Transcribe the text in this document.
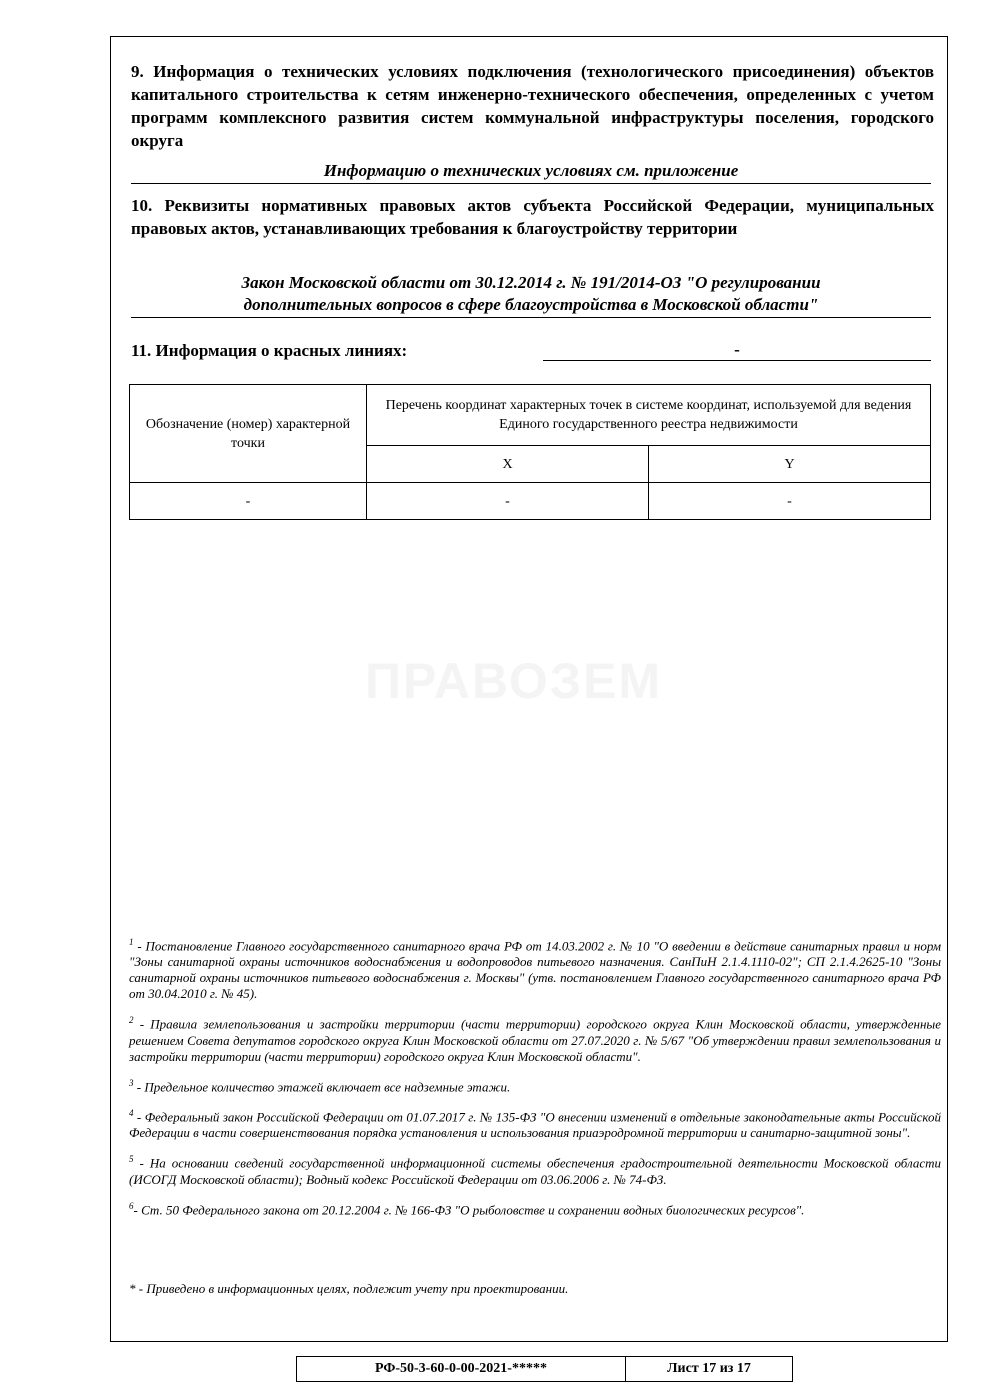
9. Информация о технических условиях подключения (технологического присоединения) объектов капитального строительства к сетям инженерно-технического обеспечения, определенных с учетом программ комплексного развития систем коммунальной инфраструктуры поселения, городского округа
Информацию о технических условиях см. приложение
10. Реквизиты нормативных правовых актов субъекта Российской Федерации, муниципальных правовых актов, устанавливающих требования к благоустройству территории
Закон Московской области от 30.12.2014 г. № 191/2014-ОЗ "О регулировании
дополнительных вопросов в сфере благоустройства в Московской области"
11. Информация о красных линиях:	-
Обозначение (номер) характерной точки	Перечень координат характерных точек в системе координат, используемой для ведения Единого государственного реестра недвижимости	
	X	Y
-	-	-
ПРАВОЗЕМ

$^1$ - Постановление Главного государственного санитарного врача РФ от 14.03.2002 г. № 10 "О введении в действие санитарных правил и норм "Зоны санитарной охраны источников водоснабжения и водопроводов питьевого назначения. СанПиН 2.1.4.1110-02"; СП 2.1.4.2625-10 "Зоны санитарной охраны источников питьевого водоснабжения г. Москвы" (утв. постановлением Главного государственного санитарного врача РФ от 30.04.2010 г. № 45).

$^2$ - Правила землепользования и застройки территории (части территории) городского округа Клин Московской области, утвержденные решением Совета депутатов городского округа Клин Московской области от 27.07.2020 г. № 5/67 "Об утверждении правил землепользования и застройки территории (части территории) городского округа Клин Московской области".

$^3$ - Предельное количество этажей включает все надземные этажи.

$^4$ - Федеральный закон Российской Федерации от 01.07.2017 г. № 135-ФЗ "О внесении изменений в отдельные законодательные акты Российской Федерации в части совершенствования порядка установления и использования приаэродромной территории и санитарно-защитной зоны".

$^5$ - На основании сведений государственной информационной системы обеспечения градостроительной деятельности Московской области (ИСОГД Московской области); Водный кодекс Российской Федерации от 03.06.2006 г. № 74-ФЗ.

$^6$- Ст. 50 Федерального закона от 20.12.2004 г. № 166-ФЗ "О рыболовстве и сохранении водных биологических ресурсов".

* - Приведено в информационных целях, подлежит учету при проектировании.
РФ-50-3-60-0-00-2021-*****	Лист 17 из 17
